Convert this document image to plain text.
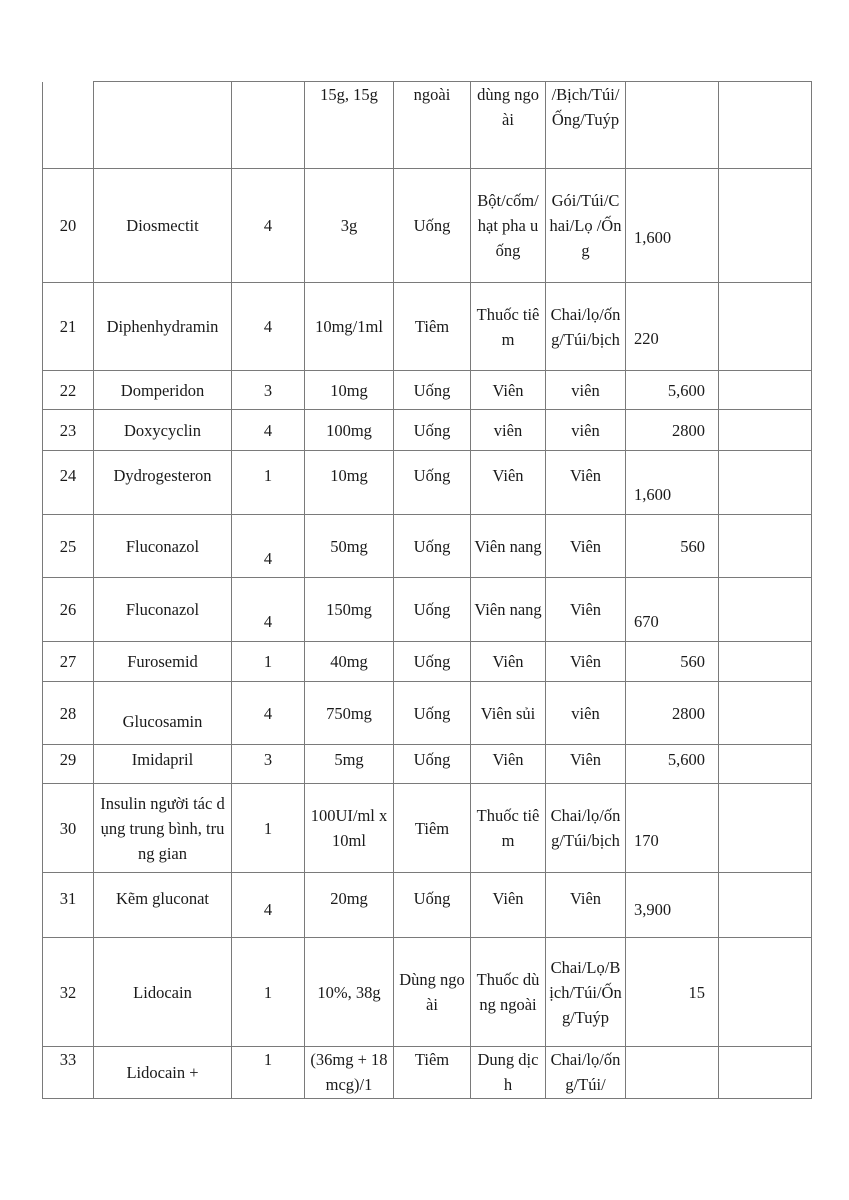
			15g, 15g	ngoài	dùng ngoài	/Bịch/Túi/Ống/Tuýp		
20	Diosmectit	4	3g	Uống	Bột/cốm/hạt pha uống	Gói/Túi/Chai/Lọ /Ống	1,600	
21	Diphenhydramin	4	10mg/1ml	Tiêm	Thuốc tiêm	Chai/lọ/ống/Túi/bịch	220	
22	Domperidon	3	10mg	Uống	Viên	viên	5,600	
23	Doxycyclin	4	100mg	Uống	viên	viên	2800	
24	Dydrogesteron	1	10mg	Uống	Viên	Viên	1,600	
25	Fluconazol	4	50mg	Uống	Viên nang	Viên	560	
26	Fluconazol	4	150mg	Uống	Viên nang	Viên	670	
27	Furosemid	1	40mg	Uống	Viên	Viên	560	
28	Glucosamin	4	750mg	Uống	Viên sủi	viên	2800	
29	Imidapril	3	5mg	Uống	Viên	Viên	5,600	
30	Insulin người tác dụng trung bình, trung gian	1	100UI/ml x 10ml	Tiêm	Thuốc tiêm	Chai/lọ/ống/Túi/bịch	170	
31	Kẽm gluconat	4	20mg	Uống	Viên	Viên	3,900	
32	Lidocain	1	10%, 38g	Dùng ngoài	Thuốc dùng ngoài	Chai/Lọ/Bịch/Túi/Ống/Tuýp	15	
33	Lidocain +	1	(36mg + 18mcg)/1	Tiêm	Dung dịch	Chai/lọ/ống/Túi/		
